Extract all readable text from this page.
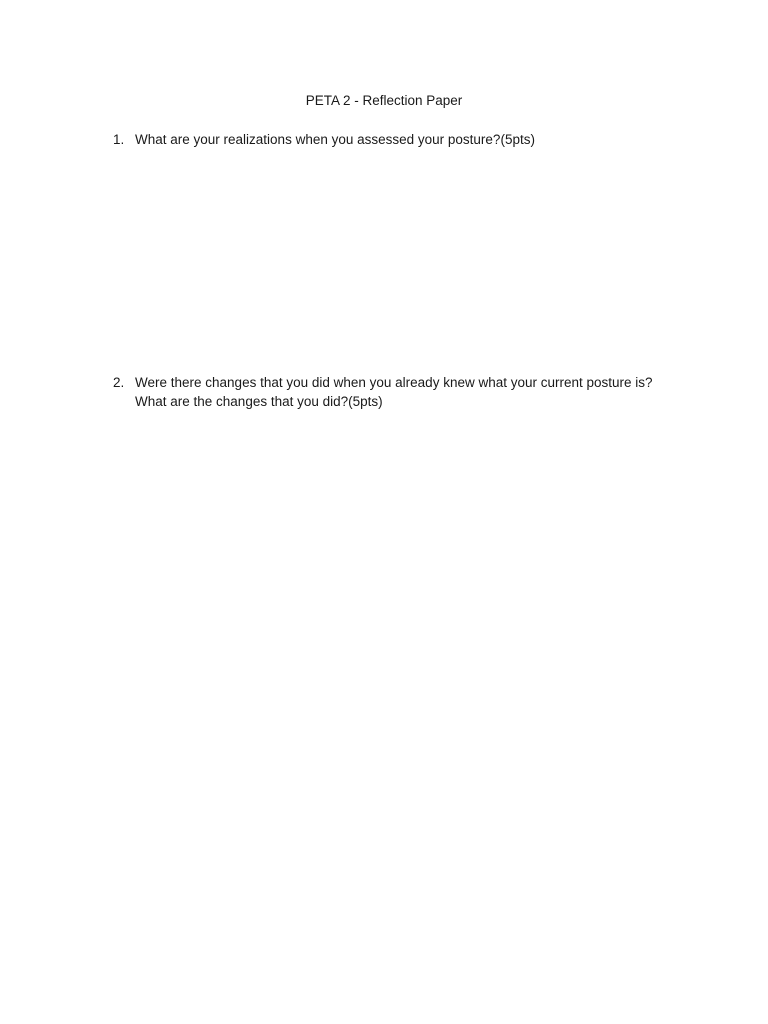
PETA 2 - Reflection Paper
1. What are your realizations when you assessed your posture?(5pts)
2. Were there changes that you did when you already knew what your current posture is?
What are the changes that you did?(5pts)
